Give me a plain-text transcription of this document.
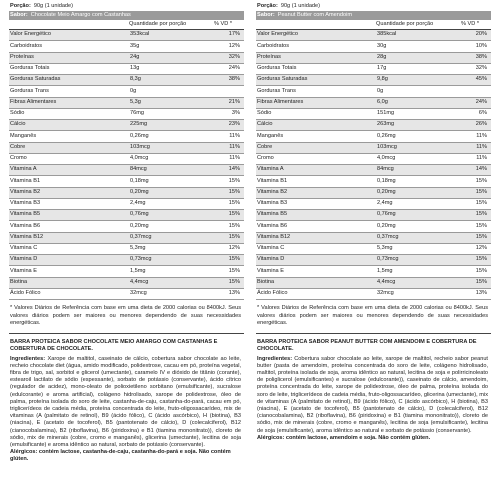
Porção: 90g (1 unidade)
Sabor: Chocolate Meio Amargo com Castanhas
Quantidade por porção	% VD *
Valor Energético	353kcal	17%
Carboidratos	35g	12%
Proteínas	24g	32%
Gorduras Totais	13g	24%
Gorduras Saturadas	8,3g	38%
Gorduras Trans	0g
Fibras Alimentares	5,3g	21%
Sódio	76mg	3%
Cálcio	225mg	23%
Manganês	0,26mg	11%
Cobre	103mcg	11%
Cromo	4,0mcg	11%
Vitamina A	84mcg	14%
Vitamina B1	0,18mg	15%
Vitamina B2	0,20mg	15%
Vitamina B3	2,4mg	15%
Vitamina B5	0,76mg	15%
Vitamina B6	0,20mg	15%
Vitamina B12	0,37mcg	15%
Vitamina C	5,3mg	12%
Vitamina D	0,73mcg	15%
Vitamina E	1,5mg	15%
Biotina	4,4mcg	15%
Ácido Fólico	32mcg	13%
* Valores Diários de Referência com base em uma dieta de 2000 calorias ou 8400kJ. Seus valores diários podem ser maiores ou menores dependendo de suas necessidades energéticas.
BARRA PROTEICA SABOR CHOCOLATE MEIO AMARGO COM CASTANHAS E COBERTURA DE CHOCOLATE.
Ingredientes: Xarope de maltitol, caseinato de cálcio, cobertura sabor chocolate ao leite, recheio chocolate diet (água, amido modificado, polidextrose, cacau em pó, proteína vegetal, fibra de trigo, sal, sorbitol e glicerol (umectante), caramelo IV e dióxido de titânio (corante), estearoil lactilato de sódio (espessante), sorbato de potássio (conservante), ácido cítrico (regulador de acidez), mono-oleato de polioxietileno sorbitano (emulsificante), sucralose (edulcorante) e aroma artificial), colágeno hidrolisado, xarope de polidextrose, óleo de palma, proteína isolada do soro de leite, castanha-de-caju, castanha-do-pará, cacau em pó, triglicerídeos de cadeia média, proteína concentrada do leite, fruto-oligossacarídeo, mix de vitaminas (A (palmitato de retinol), B9 (ácido fólico), C (ácido ascórbico), H (biotina), B3 (niacina), E (acetato de tocoferol), B5 (pantotenato de cálcio), D (colecalciferol), B12 (cianocobalamina), B2 (riboflavina), B6 (piridoxina) e B1 (tiamina mononitrato)), cloreto de sódio, mix de minerais (cobre, cromo e manganês), glicerina (umectante), lecitina de soja (emulsificante) e aroma idêntico ao natural, sorbato de potássio (conservante).
Alérgicos: contém lactose, castanha-de-caju, castanha-do-pará e soja. Não contém glúten.
Porção: 90g (1 unidade)
Sabor: Peanut Butter com Amendoim
Quantidade por porção	% VD *
Valor Energético	385kcal	20%
Carboidratos	30g	10%
Proteínas	28g	38%
Gorduras Totais	17g	32%
Gorduras Saturadas	9,8g	45%
Gorduras Trans	0g
Fibras Alimentares	6,0g	24%
Sódio	151mg	6%
Cálcio	263mg	26%
Manganês	0,26mg	11%
Cobre	103mcg	11%
Cromo	4,0mcg	11%
Vitamina A	84mcg	14%
Vitamina B1	0,18mg	15%
Vitamina B2	0,20mg	15%
Vitamina B3	2,4mg	15%
Vitamina B5	0,76mg	15%
Vitamina B6	0,20mg	15%
Vitamina B12	0,37mcg	15%
Vitamina C	5,3mg	12%
Vitamina D	0,73mcg	15%
Vitamina E	1,5mg	15%
Biotina	4,4mcg	15%
Ácido Fólico	32mcg	13%
* Valores Diários de Referência com base em uma dieta de 2000 calorias ou 8400kJ. Seus valores diários podem ser maiores ou menores dependendo de suas necessidades energéticas.
BARRA PROTEICA SABOR PEANUT BUTTER COM AMENDOIM E COBERTURA DE CHOCOLATE.
Ingredientes: Cobertura sabor chocolate ao leite, xarope de maltitol, recheio sabor peanut butter (pasta de amendoim, proteína concentrada do soro de leite, colágeno hidrolisado, maltitol, proteína isolada de soja, aroma idêntico ao natural, lecitina de soja e polirricinoleato de poliglicerol (emulsificantes) e sucralose (edulcorante)), caseinato de cálcio, amendoim, proteína concentrada do leite, xarope de polidextrose, óleo de palma, proteína isolada do soro de leite, triglicerídeos de cadeia média, fruto-oligossacarídeo, glicerina (umectante), mix de vitaminas (A (palmitato de retinol), B9 (ácido fólico), C (ácido ascórbico), H (biotina), B3 (niacina), E (acetato de tocoferol), B5 (pantotenato de cálcio), D (colecalciferol), B12 (cianocobalamina), B2 (riboflavina), B6 (piridoxina) e B1 (tiamina mononitrato)), cloreto de sódio, mix de minerais (cobre, cromo e manganês), lecitina de soja (emulsificante), lecitina de soja (emulsificante), aroma idêntico ao natural e sorbato de potássio (conservante).
Alérgicos: contém lactose, amendoim e soja. Não contém glúten.
